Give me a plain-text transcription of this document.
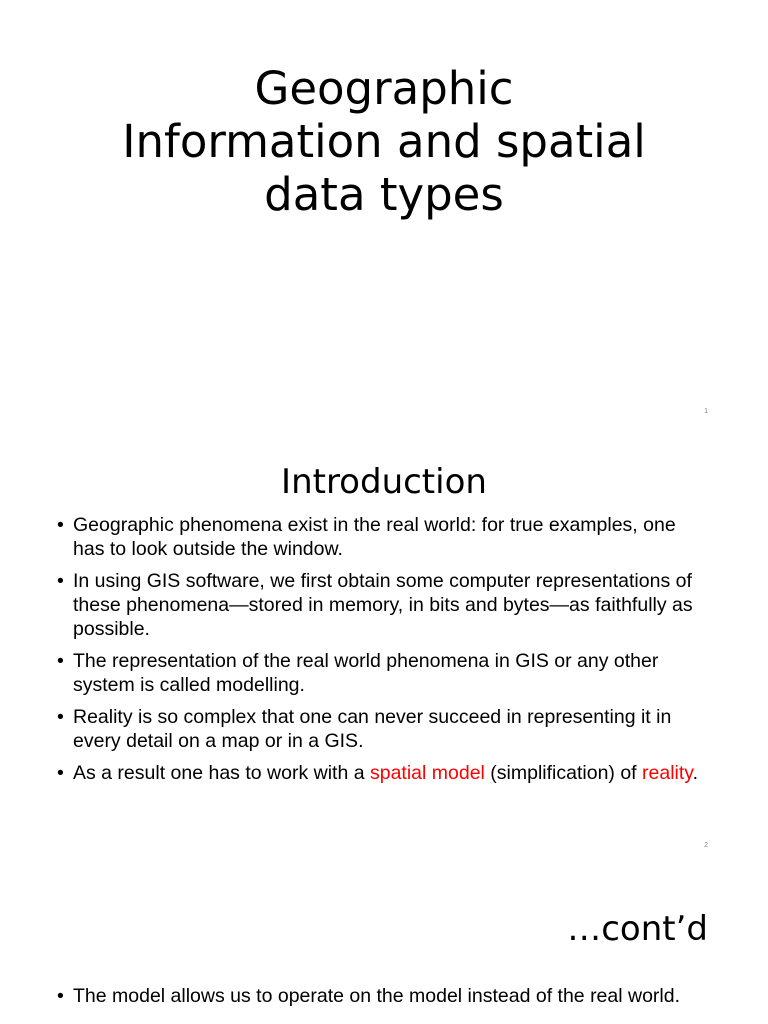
Geographic
Information and spatial
data types
1
Introduction
• Geographic phenomena exist in the real world: for true examples, one has to look outside the window.
• In using GIS software, we first obtain some computer representations of these phenomena—stored in memory, in bits and bytes—as faithfully as possible.
• The representation of the real world phenomena in GIS or any other system is called modelling.
• Reality is so complex that one can never succeed in representing it in every detail on a map or in a GIS.
• As a result one has to work with a spatial model (simplification) of reality.
2
…cont’d
• The model allows us to operate on the model instead of the real world.
